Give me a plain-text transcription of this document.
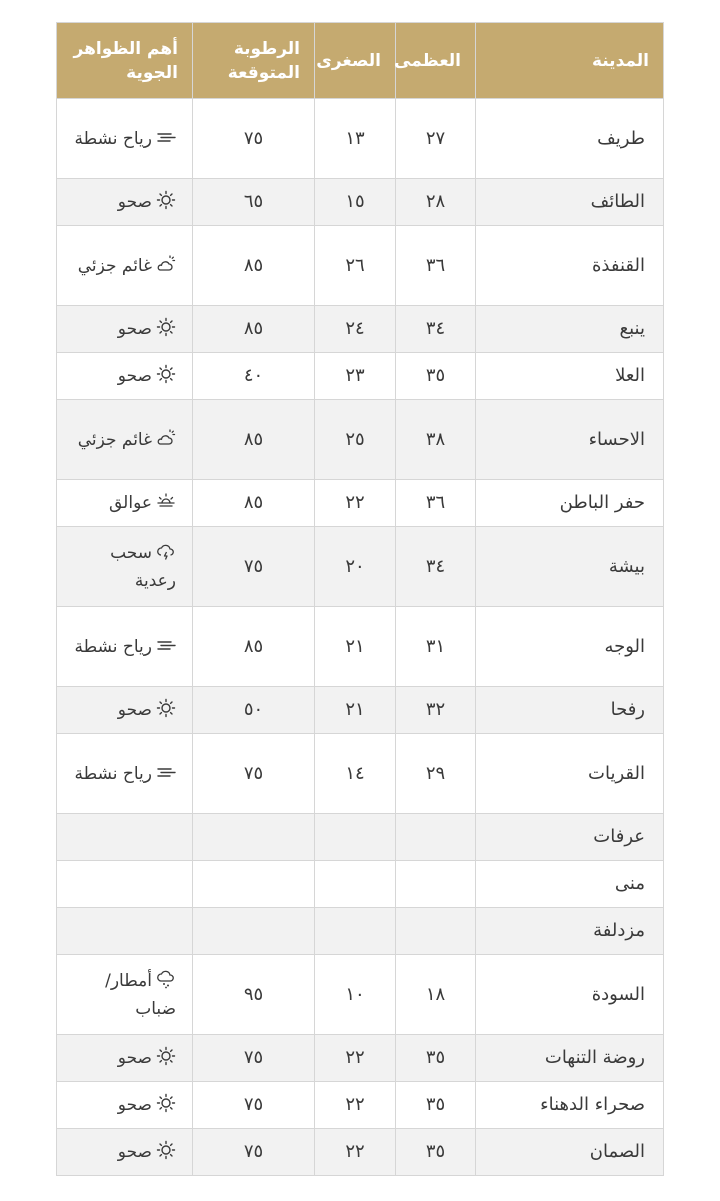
المدينة	العظمى	الصغرى	الرطوبة المتوقعة	أهم الظواهر الجوية
طريف	٢٧	١٣	٧٥	رياح نشطة
الطائف	٢٨	١٥	٦٥	صحو
القنفذة	٣٦	٢٦	٨٥	غائم جزئي
ينبع	٣٤	٢٤	٨٥	صحو
العلا	٣٥	٢٣	٤٠	صحو
الاحساء	٣٨	٢٥	٨٥	غائم جزئي
حفر الباطن	٣٦	٢٢	٨٥	عوالق
بيشة	٣٤	٢٠	٧٥	سحب رعدية
الوجه	٣١	٢١	٨٥	رياح نشطة
رفحا	٣٢	٢١	٥٠	صحو
القريات	٢٩	١٤	٧٥	رياح نشطة
عرفات				
منى				
مزدلفة				
السودة	١٨	١٠	٩٥	أمطار/ضباب
روضة التنهات	٣٥	٢٢	٧٥	صحو
صحراء الدهناء	٣٥	٢٢	٧٥	صحو
الصمان	٣٥	٢٢	٧٥	صحو
